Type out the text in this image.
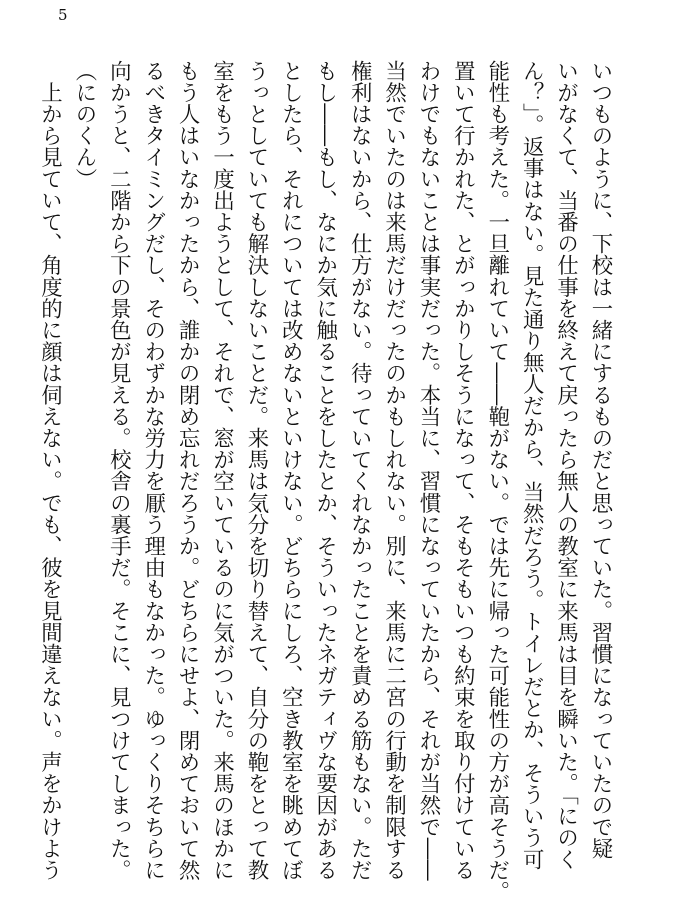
5

いつものように、下校は一緒にするものだと思っていた。習慣になっていたので疑

いがなくて、当番の仕事を終えて戻ったら無人の教室に来馬は目を瞬いた。「にのく

ん？」。返事はない。見た通り無人だから、当然だろう。トイレだとか、そういう可

能性も考えた。一旦離れていて――鞄がない。では先に帰った可能性の方が高そうだ。

置いて行かれた、とがっかりしそうになって、そもそもいつも約束を取り付けている

わけでもないことは事実だった。本当に、習慣になっていたから、それが当然で――

当然でいたのは来馬だけだったのかもしれない。別に、来馬に二宮の行動を制限する

権利はないから、仕方がない。待っていてくれなかったことを責める筋もない。ただ

もし――もし、なにか気に触ることをしたとか、そういったネガティヴな要因がある

としたら、それについては改めないといけない。どちらにしろ、空き教室を眺めてぼ

うっとしていても解決しないことだ。来馬は気分を切り替えて、自分の鞄をとって教

室をもう一度出ようとして、それで、窓が空いているのに気がついた。来馬のほかに

もう人はいなかったから、誰かの閉め忘れだろうか。どちらにせよ、閉めておいて然

るべきタイミングだし、そのわずかな労力を厭う理由もなかった。ゆっくりそちらに

向かうと、二階から下の景色が見える。校舎の裏手だ。そこに、見つけてしまった。

（にのくん）

　上から見ていて、角度的に顔は伺えない。でも、彼を見間違えない。声をかけよう
